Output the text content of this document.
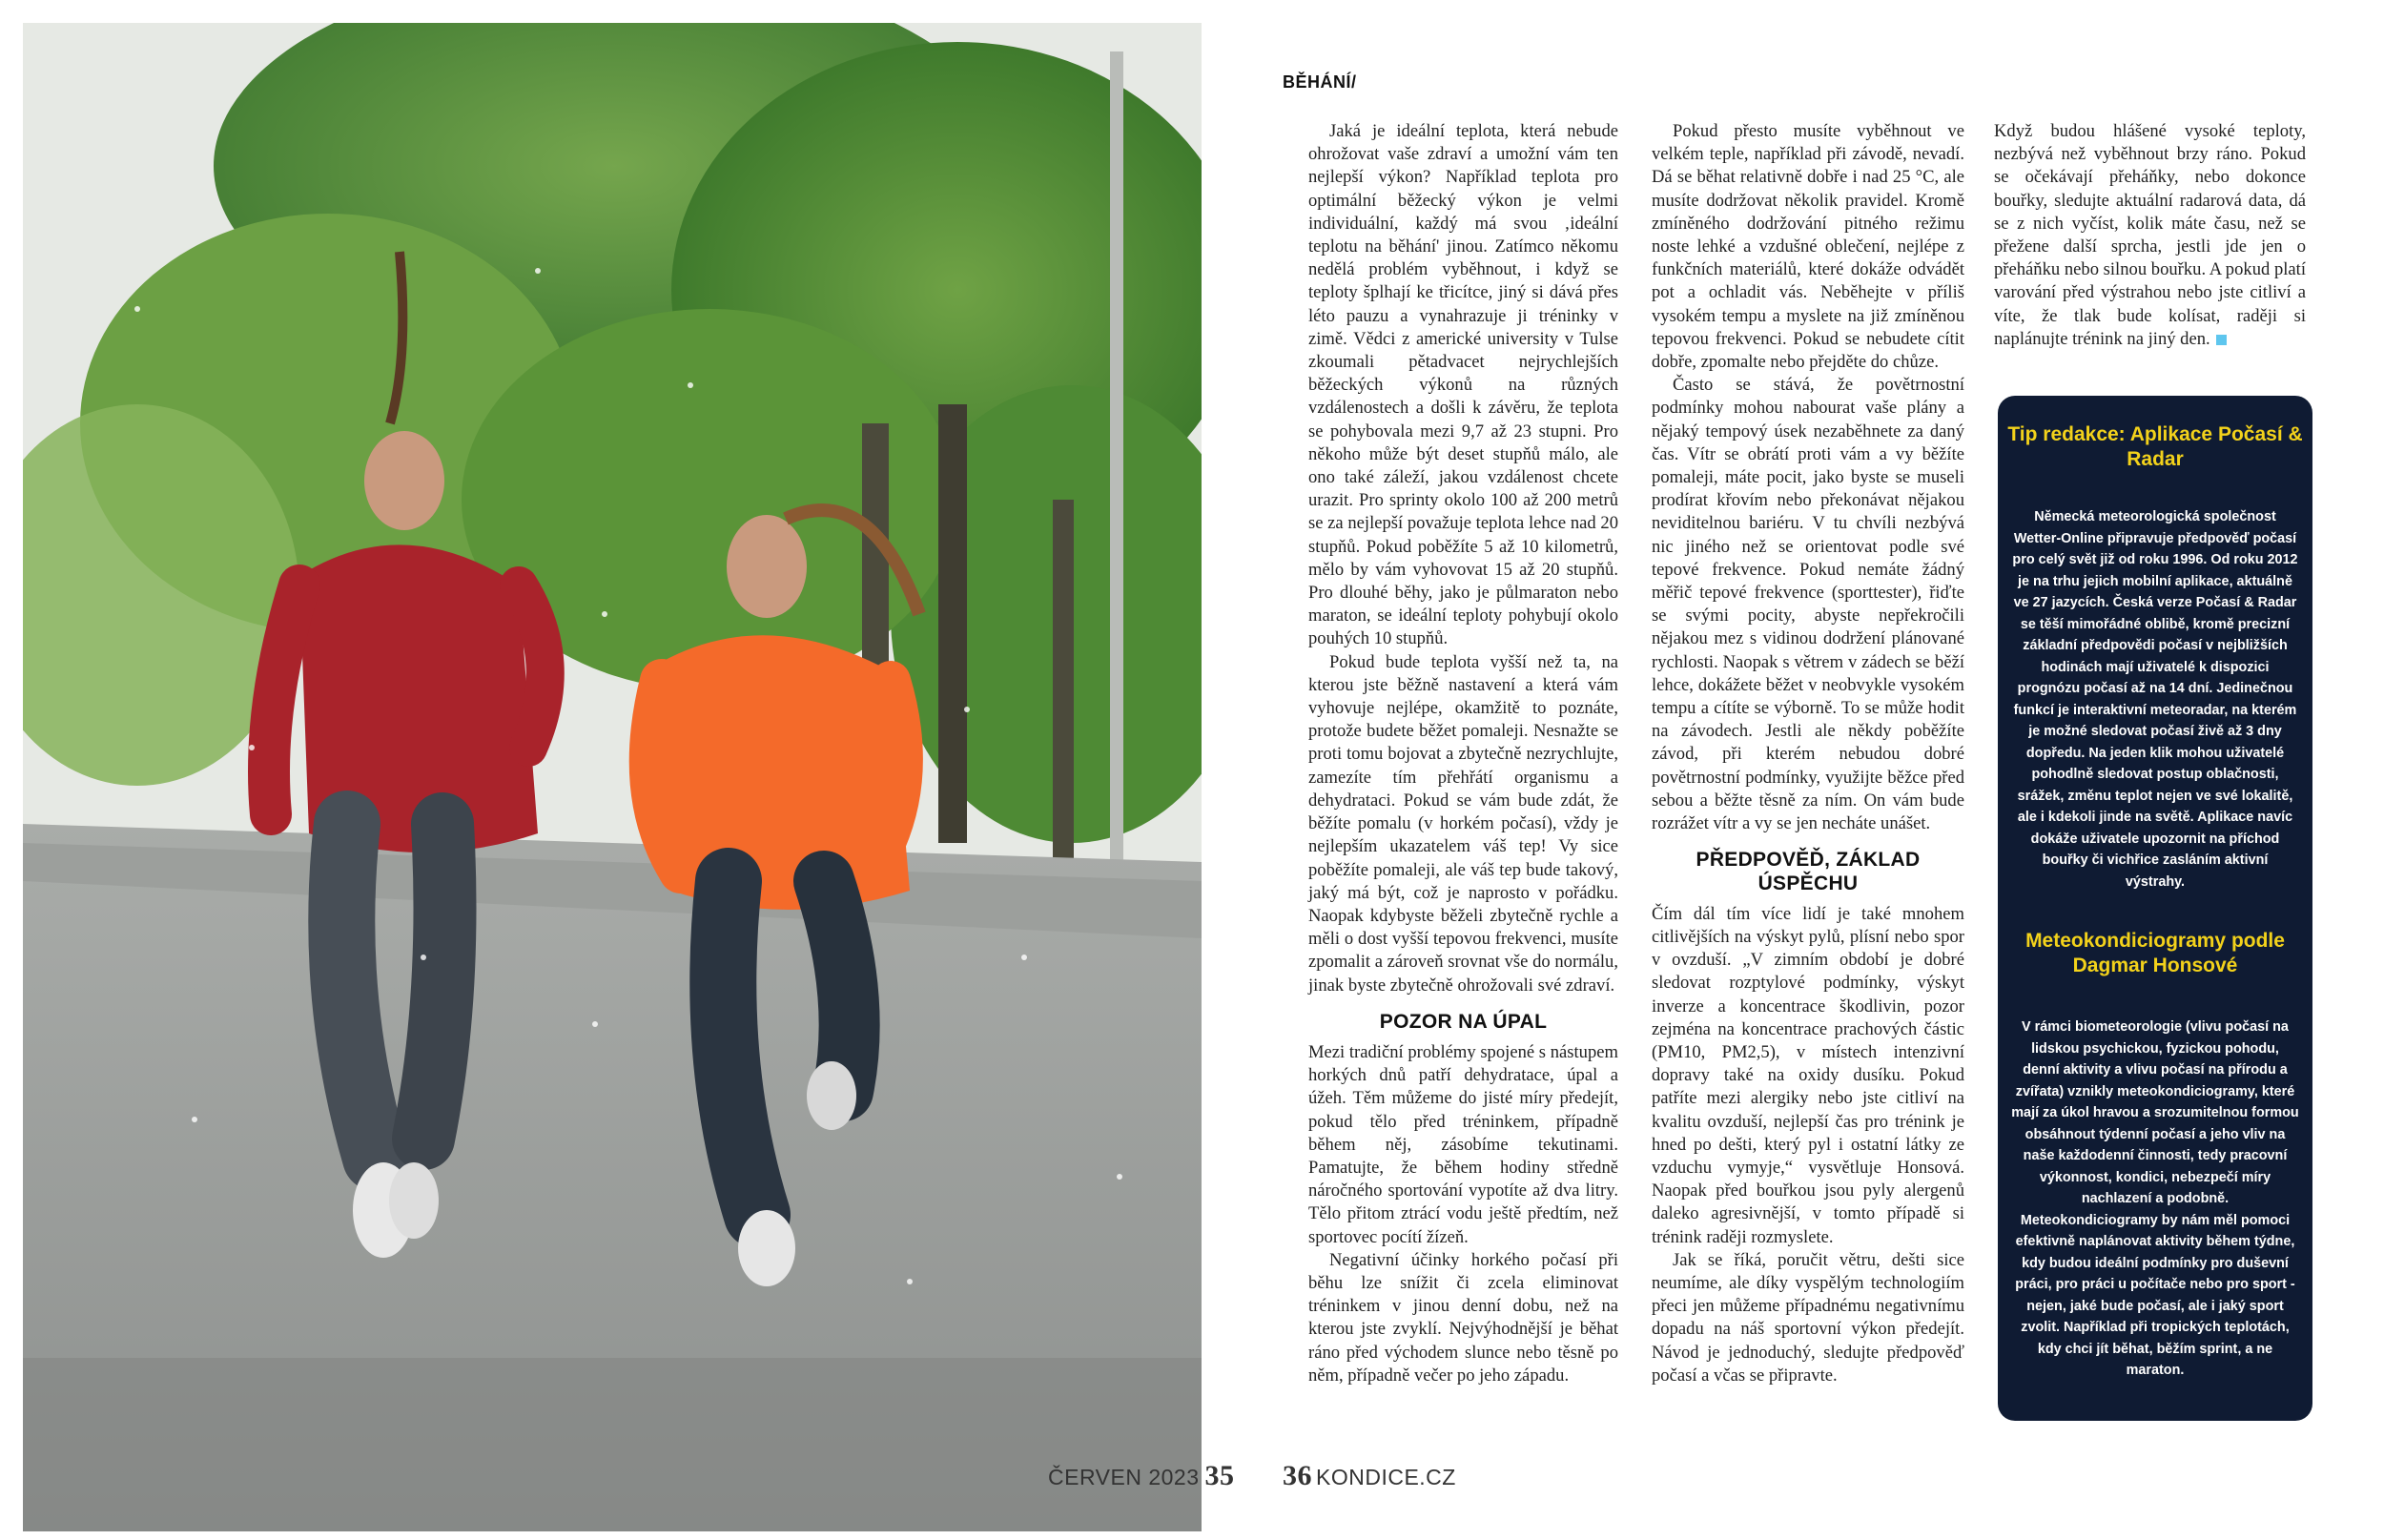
ČERVEN 2023 35
BĚHÁNÍ/

Jaká je ideální teplota, která nebude ohrožovat vaše zdraví a umožní vám ten nejlepší výkon? Například teplota pro optimální běžecký výkon je velmi individuální, každý má svou ‚ideální teplotu na běhání' jinou. Zatímco někomu nedělá problém vyběhnout, i když se teploty šplhají ke třicítce, jiný si dává přes léto pauzu a vynahrazuje ji tréninky v zimě. Vědci z americké university v Tulse zkoumali pětadvacet nejrychlejších běžeckých výkonů na různých vzdálenostech a došli k závěru, že teplota se pohybovala mezi 9,7 až 23 stupni. Pro někoho může být deset stupňů málo, ale ono také záleží, jakou vzdálenost chcete urazit. Pro sprinty okolo 100 až 200 metrů se za nejlepší považuje teplota lehce nad 20 stupňů. Pokud poběžíte 5 až 10 kilometrů, mělo by vám vyhovovat 15 až 20 stupňů. Pro dlouhé běhy, jako je půlmaraton nebo maraton, se ideální teploty pohybují okolo pouhých 10 stupňů.

Pokud bude teplota vyšší než ta, na kterou jste běžně nastavení a která vám vyhovuje nejlépe, okamžitě to poznáte, protože budete běžet pomaleji. Nesnažte se proti tomu bojovat a zbytečně nezrychlujte, zamezíte tím přehřátí organismu a dehydrataci. Pokud se vám bude zdát, že běžíte pomalu (v horkém počasí), vždy je nejlepším ukazatelem váš tep! Vy sice poběžíte pomaleji, ale váš tep bude takový, jaký má být, což je naprosto v pořádku. Naopak kdybyste běželi zbytečně rychle a měli o dost vyšší tepovou frekvenci, musíte zpomalit a zároveň srovnat vše do normálu, jinak byste zbytečně ohrožovali své zdraví.

POZOR NA ÚPAL

Mezi tradiční problémy spojené s nástupem horkých dnů patří dehydratace, úpal a úžeh. Těm můžeme do jisté míry předejít, pokud tělo před tréninkem, případně během něj, zásobíme tekutinami. Pamatujte, že během hodiny středně náročného sportování vypotíte až dva litry. Tělo přitom ztrácí vodu ještě předtím, než sportovec pocítí žízeň.

Negativní účinky horkého počasí při běhu lze snížit či zcela eliminovat tréninkem v jinou denní dobu, než na kterou jste zvyklí. Nejvýhodnější je běhat ráno před východem slunce nebo těsně po něm, případně večer po jeho západu.

Pokud přesto musíte vyběhnout ve velkém teple, například při závodě, nevadí. Dá se běhat relativně dobře i nad 25 °C, ale musíte dodržovat několik pravidel. Kromě zmíněného dodržování pitného režimu noste lehké a vzdušné oblečení, nejlépe z funkčních materiálů, které dokáže odvádět pot a ochladit vás. Neběhejte v příliš vysokém tempu a myslete na již zmíněnou tepovou frekvenci. Pokud se nebudete cítit dobře, zpomalte nebo přejděte do chůze.

Často se stává, že povětrnostní podmínky mohou nabourat vaše plány a nějaký tempový úsek nezaběhnete za daný čas. Vítr se obrátí proti vám a vy běžíte pomaleji, máte pocit, jako byste se museli prodírat křovím nebo překonávat nějakou neviditelnou bariéru. V tu chvíli nezbývá nic jiného než se orientovat podle své tepové frekvence. Pokud nemáte žádný měřič tepové frekvence (sporttester), řiďte se svými pocity, abyste nepřekročili nějakou mez s vidinou dodržení plánované rychlosti. Naopak s větrem v zádech se běží lehce, dokážete běžet v neobvykle vysokém tempu a cítíte se výborně. To se může hodit na závodech. Jestli ale někdy poběžíte závod, při kterém nebudou dobré povětrnostní podmínky, využijte běžce před sebou a běžte těsně za ním. On vám bude rozrážet vítr a vy se jen necháte unášet.

PŘEDPOVĚĎ, ZÁKLAD ÚSPĚCHU

Čím dál tím více lidí je také mnohem citlivějších na výskyt pylů, plísní nebo spor v ovzduší. „V zimním období je dobré sledovat rozptylové podmínky, výskyt inverze a koncentrace škodlivin, pozor zejména na koncentrace prachových částic (PM10, PM2,5), v místech intenzivní dopravy také na oxidy dusíku. Pokud patříte mezi alergiky nebo jste citliví na kvalitu ovzduší, nejlepší čas pro trénink je hned po dešti, který pyl i ostatní látky ze vzduchu vymyje,“ vysvětluje Honsová. Naopak před bouřkou jsou pyly alergenů daleko agresivnější, v tomto případě si trénink raději rozmyslete.

Jak se říká, poručit větru, dešti sice neumíme, ale díky vyspělým technologiím přeci jen můžeme případnému negativnímu dopadu na náš sportovní výkon předejít. Návod je jednoduchý, sledujte předpověď počasí a včas se připravte.

Když budou hlášené vysoké teploty, nezbývá než vyběhnout brzy ráno. Pokud se očekávají přeháňky, nebo dokonce bouřky, sledujte aktuální radarová data, dá se z nich vyčíst, kolik máte času, než se přežene další sprcha, jestli jde jen o přeháňku nebo silnou bouřku. A pokud platí varování před výstrahou nebo jste citliví a víte, že tlak bude kolísat, raději si naplánujte trénink na jiný den.

Tip redakce: Aplikace Počasí & Radar
Německá meteorologická společnost Wetter-Online připravuje předpověď počasí pro celý svět již od roku 1996. Od roku 2012 je na trhu jejich mobilní aplikace, aktuálně ve 27 jazycích. Česká verze Počasí & Radar se těší mimořádné oblibě, kromě precizní základní předpovědi počasí v nejbližších hodinách mají uživatelé k dispozici prognózu počasí až na 14 dní. Jedinečnou funkcí je interaktivní meteoradar, na kterém je možné sledovat počasí živě až 3 dny dopředu. Na jeden klik mohou uživatelé pohodlně sledovat postup oblačnosti, srážek, změnu teplot nejen ve své lokalitě, ale i kdekoli jinde na světě. Aplikace navíc dokáže uživatele upozornit na příchod bouřky či vichřice zasláním aktivní výstrahy.
Meteokondiciogramy podle Dagmar Honsové
V rámci biometeorologie (vlivu počasí na lidskou psychickou, fyzickou pohodu, denní aktivity a vlivu počasí na přírodu a zvířata) vznikly meteokondiciogramy, které mají za úkol hravou a srozumitelnou formou obsáhnout týdenní počasí a jeho vliv na naše každodenní činnosti, tedy pracovní výkonnost, kondici, nebezpečí míry nachlazení a podobně. Meteokondiciogramy by nám měl pomoci efektivně naplánovat aktivity během týdne, kdy budou ideální podmínky pro duševní práci, pro práci u počítače nebo pro sport - nejen, jaké bude počasí, ale i jaký sport zvolit. Například při tropických teplotách, kdy chci jít běhat, běžím sprint, a ne maraton.
36 KONDICE.CZ
